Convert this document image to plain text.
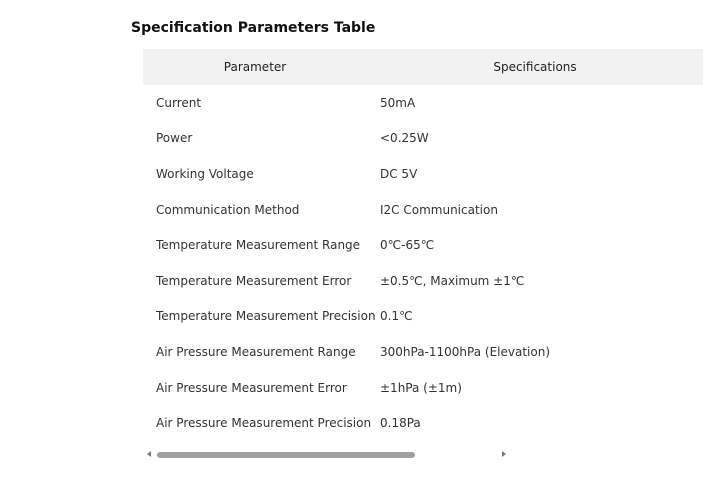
Specification Parameters Table
Parameter	Specifications
Current	50mA
Power	<0.25W
Working Voltage	DC 5V
Communication Method	I2C Communication
Temperature Measurement Range	0℃-65℃
Temperature Measurement Error	±0.5℃, Maximum ±1℃
Temperature Measurement Precision	0.1℃
Air Pressure Measurement Range	300hPa-1100hPa (Elevation)
Air Pressure Measurement Error	±1hPa (±1m)
Air Pressure Measurement Precision	0.18Pa
